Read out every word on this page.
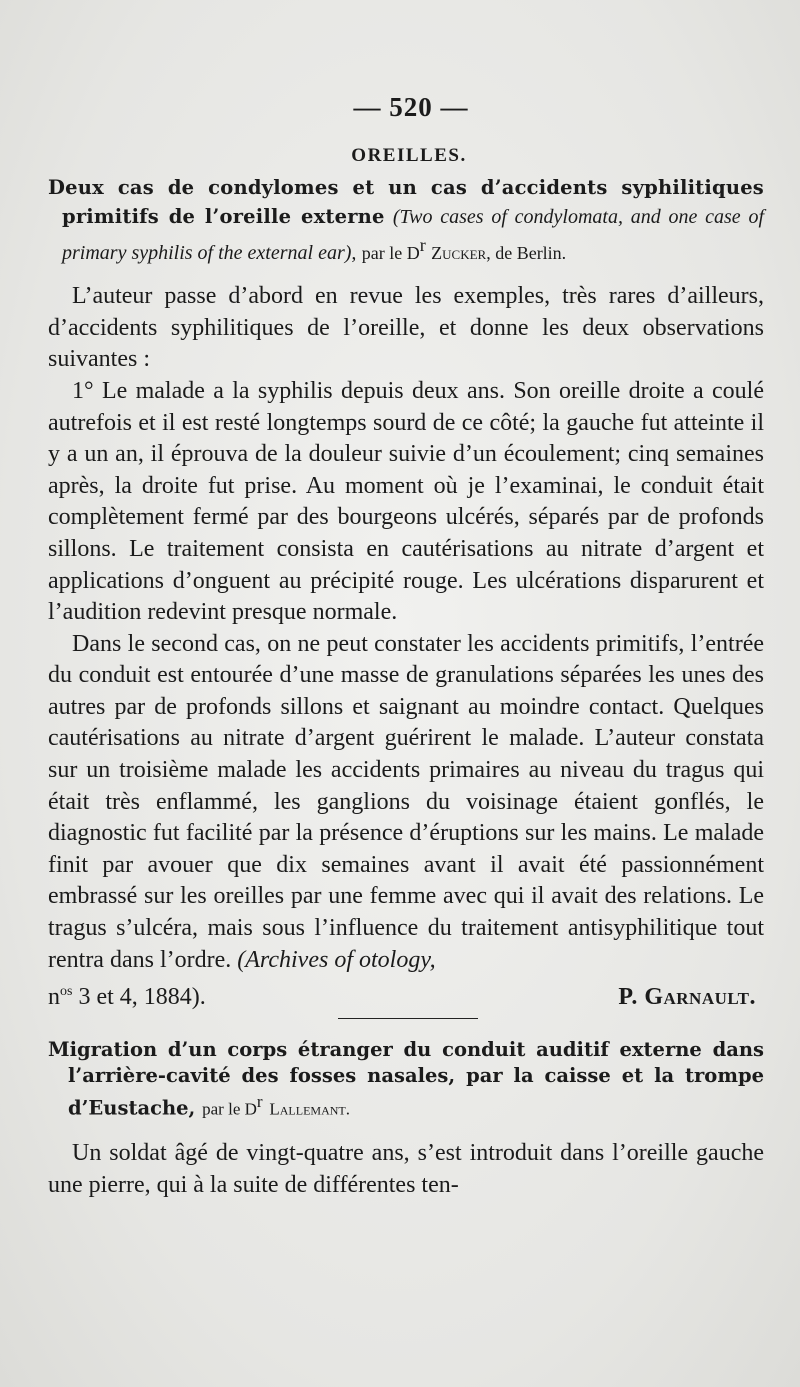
— 520 —
OREILLES.
Deux cas de condylomes et un cas d’accidents syphilitiques primitifs de l’oreille externe (Two cases of condylomata, and one case of primary syphilis of the external ear), par le $D^r$ Zucker, de Berlin.

L’auteur passe d’abord en revue les exemples, très rares d’ailleurs, d’accidents syphilitiques de l’oreille, et donne les deux observations suivantes :

1° Le malade a la syphilis depuis deux ans. Son oreille droite a coulé autrefois et il est resté longtemps sourd de ce côté; la gauche fut atteinte il y a un an, il éprouva de la douleur suivie d’un écoulement; cinq semaines après, la droite fut prise. Au moment où je l’examinai, le conduit était complètement fermé par des bourgeons ulcérés, séparés par de profonds sillons. Le traitement consista en cautérisations au nitrate d’argent et applications d’onguent au précipité rouge. Les ulcérations disparurent et l’audition redevint presque normale.

Dans le second cas, on ne peut constater les accidents primitifs, l’entrée du conduit est entourée d’une masse de granulations séparées les unes des autres par de profonds sillons et saignant au moindre contact. Quelques cautérisations au nitrate d’argent guérirent le malade. L’auteur constata sur un troisième malade les accidents primaires au niveau du tragus qui était très enflammé, les ganglions du voisinage étaient gonflés, le diagnostic fut facilité par la présence d’éruptions sur les mains. Le malade finit par avouer que dix semaines avant il avait été passionnément embrassé sur les oreilles par une femme avec qui il avait des relations. Le tragus s’ulcéra, mais sous l’influence du traitement antisyphilitique tout rentra dans l’ordre. (Archives of otology,

$n^{os}$ 3 et 4, 1884).	P. Garnault.
Migration d’un corps étranger du conduit auditif externe dans l’arrière-cavité des fosses nasales, par la caisse et la trompe d’Eustache, par le $D^r$ Lallemant.

Un soldat âgé de vingt-quatre ans, s’est introduit dans l’oreille gauche une pierre, qui à la suite de différentes ten-
